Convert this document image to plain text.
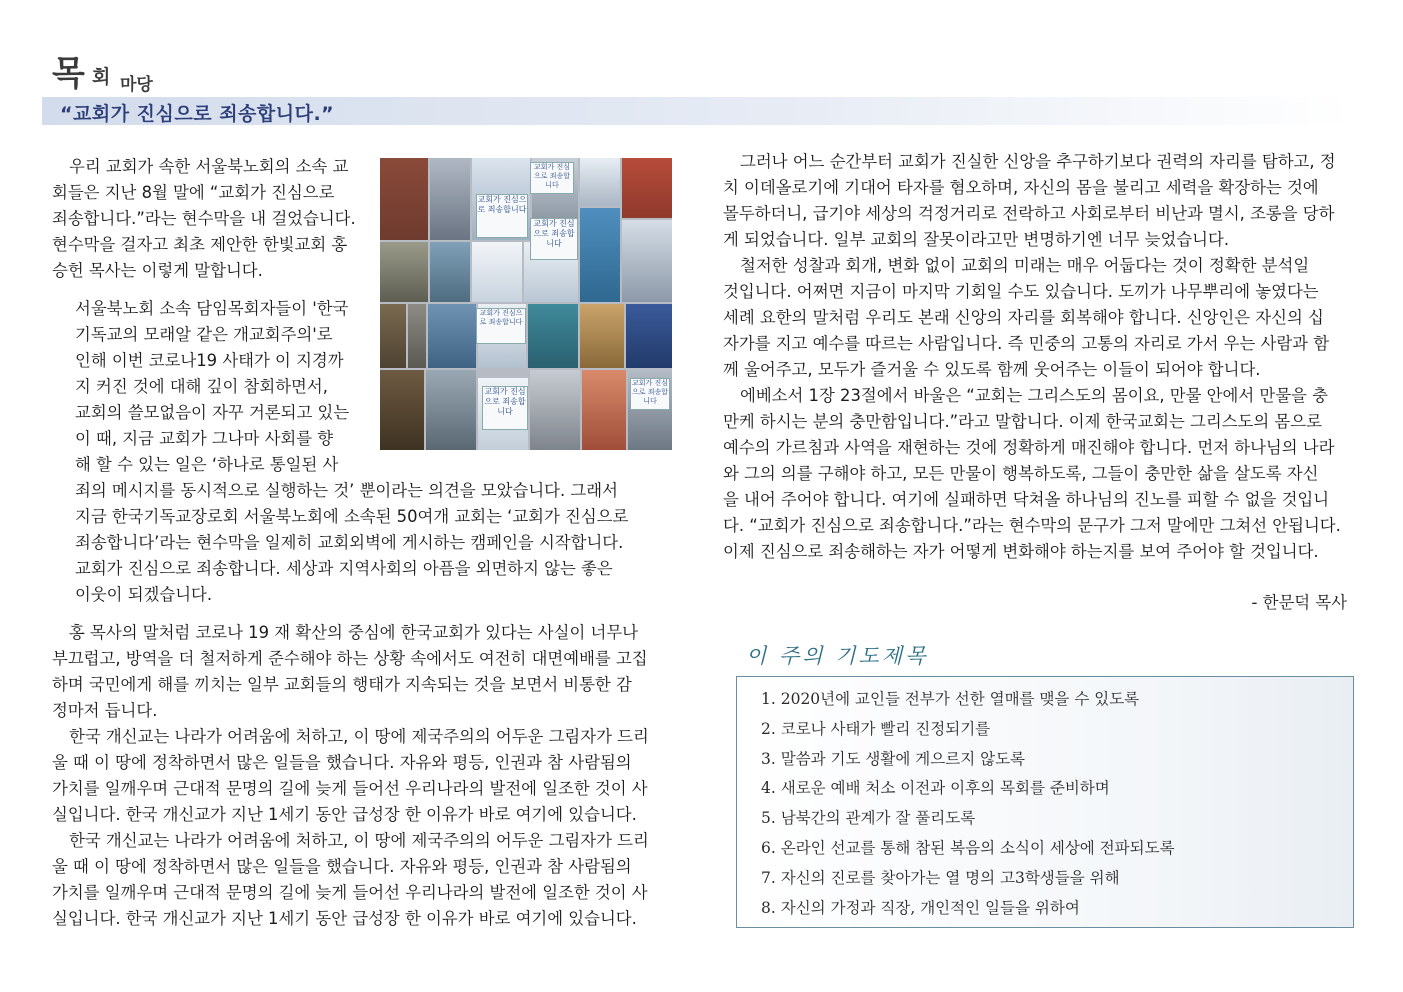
목 회 마당
“교회가 진심으로 죄송합니다.”
우리 교회가 속한 서울북노회의 소속 교
회들은 지난 8월 말에 “교회가 진심으로
죄송합니다.”라는 현수막을 내 걸었습니다.
현수막을 걸자고 최초 제안한 한빛교회 홍
승헌 목사는 이렇게 말합니다.
서울북노회 소속 담임목회자들이 '한국
기독교의 모래알 같은 개교회주의'로
인해 이번 코로나19 사태가 이 지경까
지 커진 것에 대해 깊이 참회하면서,
교회의 쓸모없음이 자꾸 거론되고 있는
이 때, 지금 교회가 그나마 사회를 향
해 할 수 있는 일은 ‘하나로 통일된 사
죄의 메시지를 동시적으로 실행하는 것’ 뿐이라는 의견을 모았습니다. 그래서
지금 한국기독교장로회 서울북노회에 소속된 50여개 교회는 ‘교회가 진심으로
죄송합니다’라는 현수막을 일제히 교회외벽에 게시하는 캠페인을 시작합니다.
교회가 진심으로 죄송합니다. 세상과 지역사회의 아픔을 외면하지 않는 좋은
이웃이 되겠습니다.
홍 목사의 말처럼 코로나 19 재 확산의 중심에 한국교회가 있다는 사실이 너무나
부끄럽고, 방역을 더 철저하게 준수해야 하는 상황 속에서도 여전히 대면예배를 고집
하며 국민에게 해를 끼치는 일부 교회들의 행태가 지속되는 것을 보면서 비통한 감
정마저 듭니다.
한국 개신교는 나라가 어려움에 처하고, 이 땅에 제국주의의 어두운 그림자가 드리
울 때 이 땅에 정착하면서 많은 일들을 했습니다. 자유와 평등, 인권과 참 사람됨의
가치를 일깨우며 근대적 문명의 길에 늦게 들어선 우리나라의 발전에 일조한 것이 사
실입니다. 한국 개신교가 지난 1세기 동안 급성장 한 이유가 바로 여기에 있습니다.
한국 개신교는 나라가 어려움에 처하고, 이 땅에 제국주의의 어두운 그림자가 드리
울 때 이 땅에 정착하면서 많은 일들을 했습니다. 자유와 평등, 인권과 참 사람됨의
가치를 일깨우며 근대적 문명의 길에 늦게 들어선 우리나라의 발전에 일조한 것이 사
실입니다. 한국 개신교가 지난 1세기 동안 급성장 한 이유가 바로 여기에 있습니다.
교회가 진심으로 죄송합니다
교회가 진심으로 죄송합니다
교회가 진심으로 죄송합니다
교회가 진심으로 죄송합니다
교회가 진심으로 죄송합니다
교회가 진심으로 죄송합니다
그러나 어느 순간부터 교회가 진실한 신앙을 추구하기보다 권력의 자리를 탐하고, 정
치 이데올로기에 기대어 타자를 혐오하며, 자신의 몸을 불리고 세력을 확장하는 것에
몰두하더니, 급기야 세상의 걱정거리로 전락하고 사회로부터 비난과 멸시, 조롱을 당하
게 되었습니다. 일부 교회의 잘못이라고만 변명하기엔 너무 늦었습니다.
철저한 성찰과 회개, 변화 없이 교회의 미래는 매우 어둡다는 것이 정확한 분석일
것입니다. 어쩌면 지금이 마지막 기회일 수도 있습니다. 도끼가 나무뿌리에 놓였다는
세례 요한의 말처럼 우리도 본래 신앙의 자리를 회복해야 합니다. 신앙인은 자신의 십
자가를 지고 예수를 따르는 사람입니다. 즉 민중의 고통의 자리로 가서 우는 사람과 함
께 울어주고, 모두가 즐거울 수 있도록 함께 웃어주는 이들이 되어야 합니다.
에베소서 1장 23절에서 바울은 “교회는 그리스도의 몸이요, 만물 안에서 만물을 충
만케 하시는 분의 충만함입니다.”라고 말합니다. 이제 한국교회는 그리스도의 몸으로
예수의 가르침과 사역을 재현하는 것에 정확하게 매진해야 합니다. 먼저 하나님의 나라
와 그의 의를 구해야 하고, 모든 만물이 행복하도록, 그들이 충만한 삶을 살도록 자신
을 내어 주어야 합니다. 여기에 실패하면 닥쳐올 하나님의 진노를 피할 수 없을 것입니
다. “교회가 진심으로 죄송합니다.”라는 현수막의 문구가 그저 말에만 그쳐선 안됩니다.
이제 진심으로 죄송해하는 자가 어떻게 변화해야 하는지를 보여 주어야 할 것입니다.
- 한문덕 목사
이 주의 기도제목
1. 2020년에 교인들 전부가 선한 열매를 맺을 수 있도록
2. 코로나 사태가 빨리 진정되기를
3. 말씀과 기도 생활에 게으르지 않도록
4. 새로운 예배 처소 이전과 이후의 목회를 준비하며
5. 남북간의 관계가 잘 풀리도록
6. 온라인 선교를 통해 참된 복음의 소식이 세상에 전파되도록
7. 자신의 진로를 찾아가는 열 명의 고3학생들을 위해
8. 자신의 가정과 직장, 개인적인 일들을 위하여
